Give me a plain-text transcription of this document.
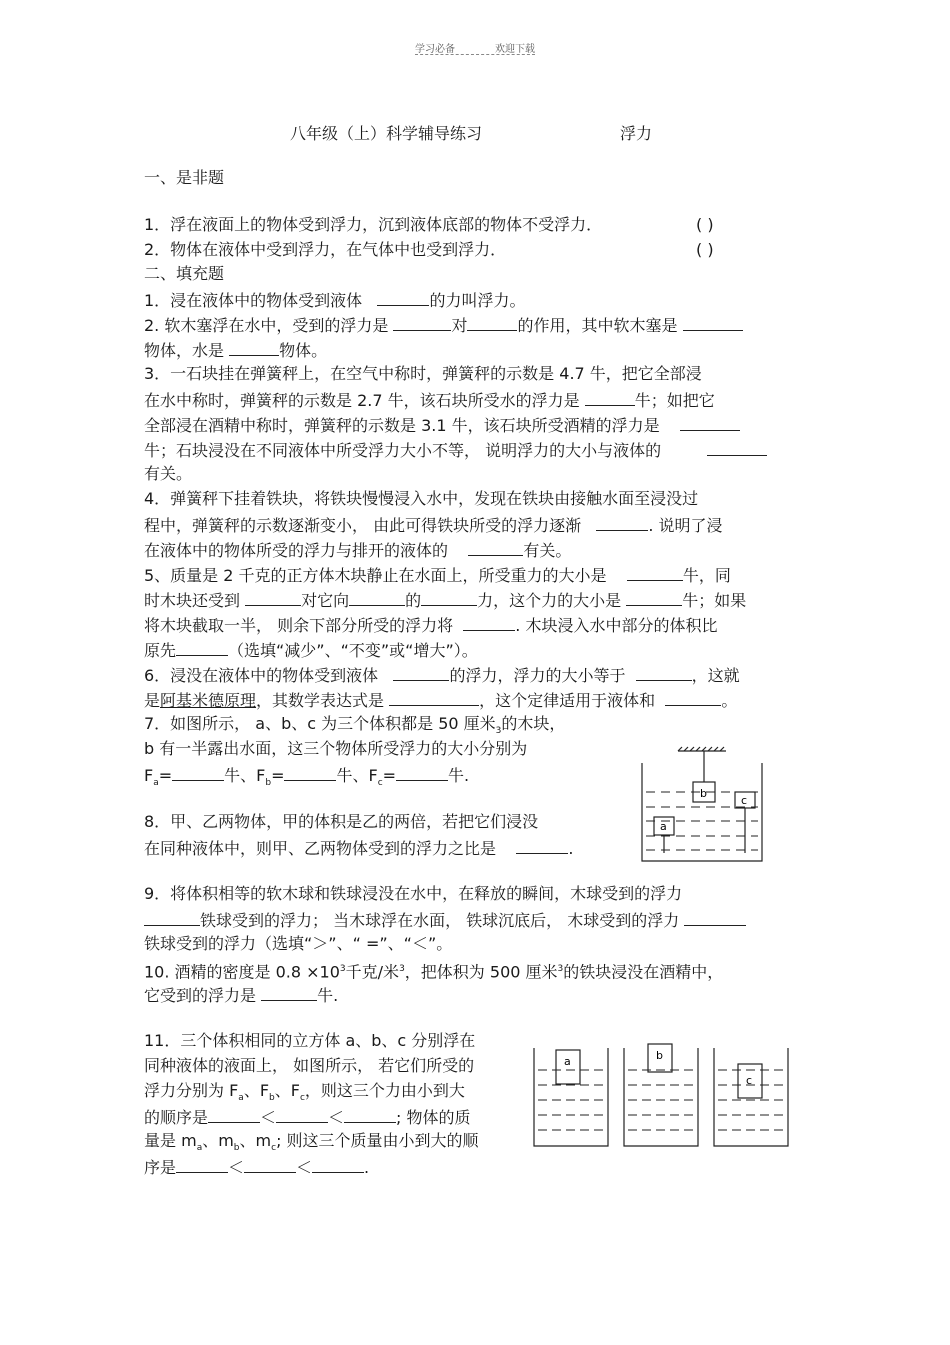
学习必备	欢迎下载
八年级（上）科学辅导练习	浮力
一、是非题
1．浮在液面上的物体受到浮力，沉到液体底部的物体不受浮力．	( )
2．物体在液体中受到浮力，在气体中也受到浮力．	( )
二、填充题
1．浸在液体中的物体受到液体	的力叫浮力。
2. 软木塞浮在水中，受到的浮力是	对	的作用，其中软木塞是
物体，水是	物体。
3．一石块挂在弹簧秤上，在空气中称时，弹簧秤的示数是 4.7 牛，把它全部浸
在水中称时，弹簧秤的示数是 2.7 牛，该石块所受水的浮力是	牛；如把它
全部浸在酒精中称时，弹簧秤的示数是 3.1 牛，该石块所受酒精的浮力是
牛；石块浸没在不同液体中所受浮力大小不等， 说明浮力的大小与液体的
有关。
4．弹簧秤下挂着铁块，将铁块慢慢浸入水中，发现在铁块由接触水面至浸没过
程中，弹簧秤的示数逐渐变小， 由此可得铁块所受的浮力逐渐	. 说明了浸
在液体中的物体所受的浮力与排开的液体的	有关。
5、质量是 2 千克的正方体木块静止在水面上，所受重力的大小是	牛，同
时木块还受到	对它向	的	力，这个力的大小是	牛；如果
将木块截取一半， 则余下部分所受的浮力将	. 木块浸入水中部分的体积比
原先	（选填“减少”、“不变”或“增大”）。
6．浸没在液体中的物体受到液体	的浮力，浮力的大小等于	，这就
是阿基米德原理，其数学表达式是	，这个定律适用于液体和	。
7．如图所示， a、b、c 为三个体积都是 50 厘米$_3$的木块，
b 有一半露出水面，这三个物体所受浮力的大小分别为
$F_a=$	牛、$F_b=$	牛、$F_c=$	牛.
8．甲、乙两物体，甲的体积是乙的两倍，若把它们浸没
在同种液体中，则甲、乙两物体受到的浮力之比是	.
9．将体积相等的软木球和铁球浸没在水中，在释放的瞬间，木球受到的浮力
铁球受到的浮力； 当木球浮在水面， 铁球沉底后， 木球受到的浮力
铁球受到的浮力（选填“＞”、“ =”、“＜”。
10. 酒精的密度是 $0.8 \times 10^3$千克/米$^3$，把体积为 500 厘米$^3$的铁块浸没在酒精中，
它受到的浮力是	牛.
11．三个体积相同的立方体 a、b、c 分别浮在
同种液体的液面上， 如图所示， 若它们所受的
浮力分别为 $F_a$、$F_b$、$F_c$，则这三个力由小到大
的顺序是	＜	＜	; 物体的质
量是 $m_a$、$m_b$、$m_c$; 则这三个质量由小到大的顺
序是	＜	＜	.
b
c
a
a	b
c
